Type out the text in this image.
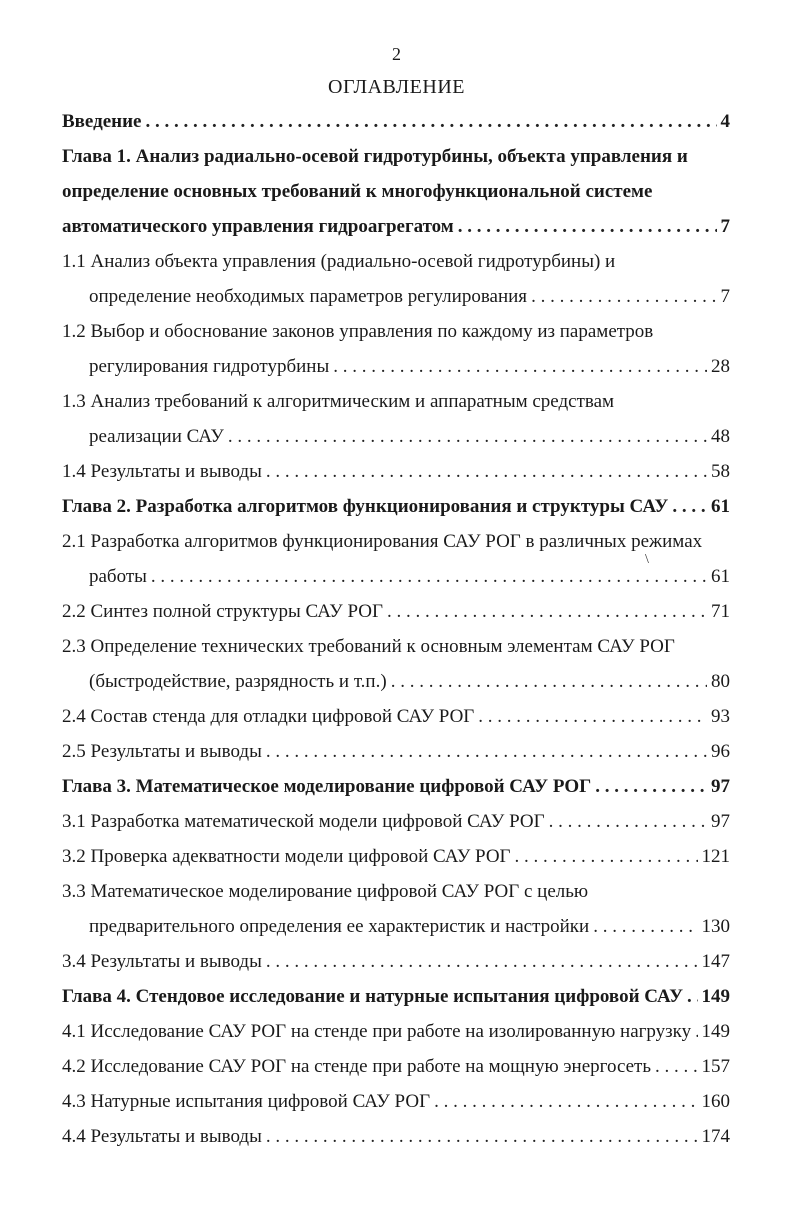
2
ОГЛАВЛЕНИЕ
Введение . . .	4
Глава 1. Анализ радиально-осевой гидротурбины, объекта управления и
определение основных требований к многофункциональной системе
автоматического управления гидроагрегатом . . .	7
1.1 Анализ объекта управления (радиально-осевой гидротурбины) и
определение необходимых параметров регулирования . . .	7
1.2 Выбор и обоснование законов управления по каждому из параметров
регулирования гидротурбины . . .	28
1.3 Анализ требований к алгоритмическим и аппаратным средствам
реализации САУ . . .	48
1.4 Результаты и выводы . . .	58
Глава 2. Разработка алгоритмов функционирования и структуры САУ . . . 61
2.1 Разработка алгоритмов функционирования САУ РОГ в различных режимах
работы . . .	61
2.2 Синтез полной структуры САУ РОГ . . .	71
2.3 Определение технических требований к основным элементам САУ РОГ
(быстродействие, разрядность и т.п.) . . .	80
2.4 Состав стенда для отладки цифровой САУ РОГ . . .	93
2.5 Результаты и выводы . . .	96
Глава 3. Математическое моделирование цифровой САУ РОГ . . .	97
3.1 Разработка математической модели цифровой САУ РОГ . . .	97
3.2 Проверка адекватности модели цифровой САУ РОГ . . .	121
3.3 Математическое моделирование цифровой САУ РОГ с целью
предварительного определения ее характеристик и настройки . . .	130
3.4 Результаты и выводы . . .	147
Глава 4. Стендовое исследование и натурные испытания цифровой САУ . . . 149
4.1 Исследование САУ РОГ на стенде при работе на изолированную нагрузку . . . 149
4.2 Исследование САУ РОГ на стенде при работе на мощную энергосеть . . .	157
4.3 Натурные испытания цифровой САУ РОГ . . .	160
4.4 Результаты и выводы . . .	174
\
